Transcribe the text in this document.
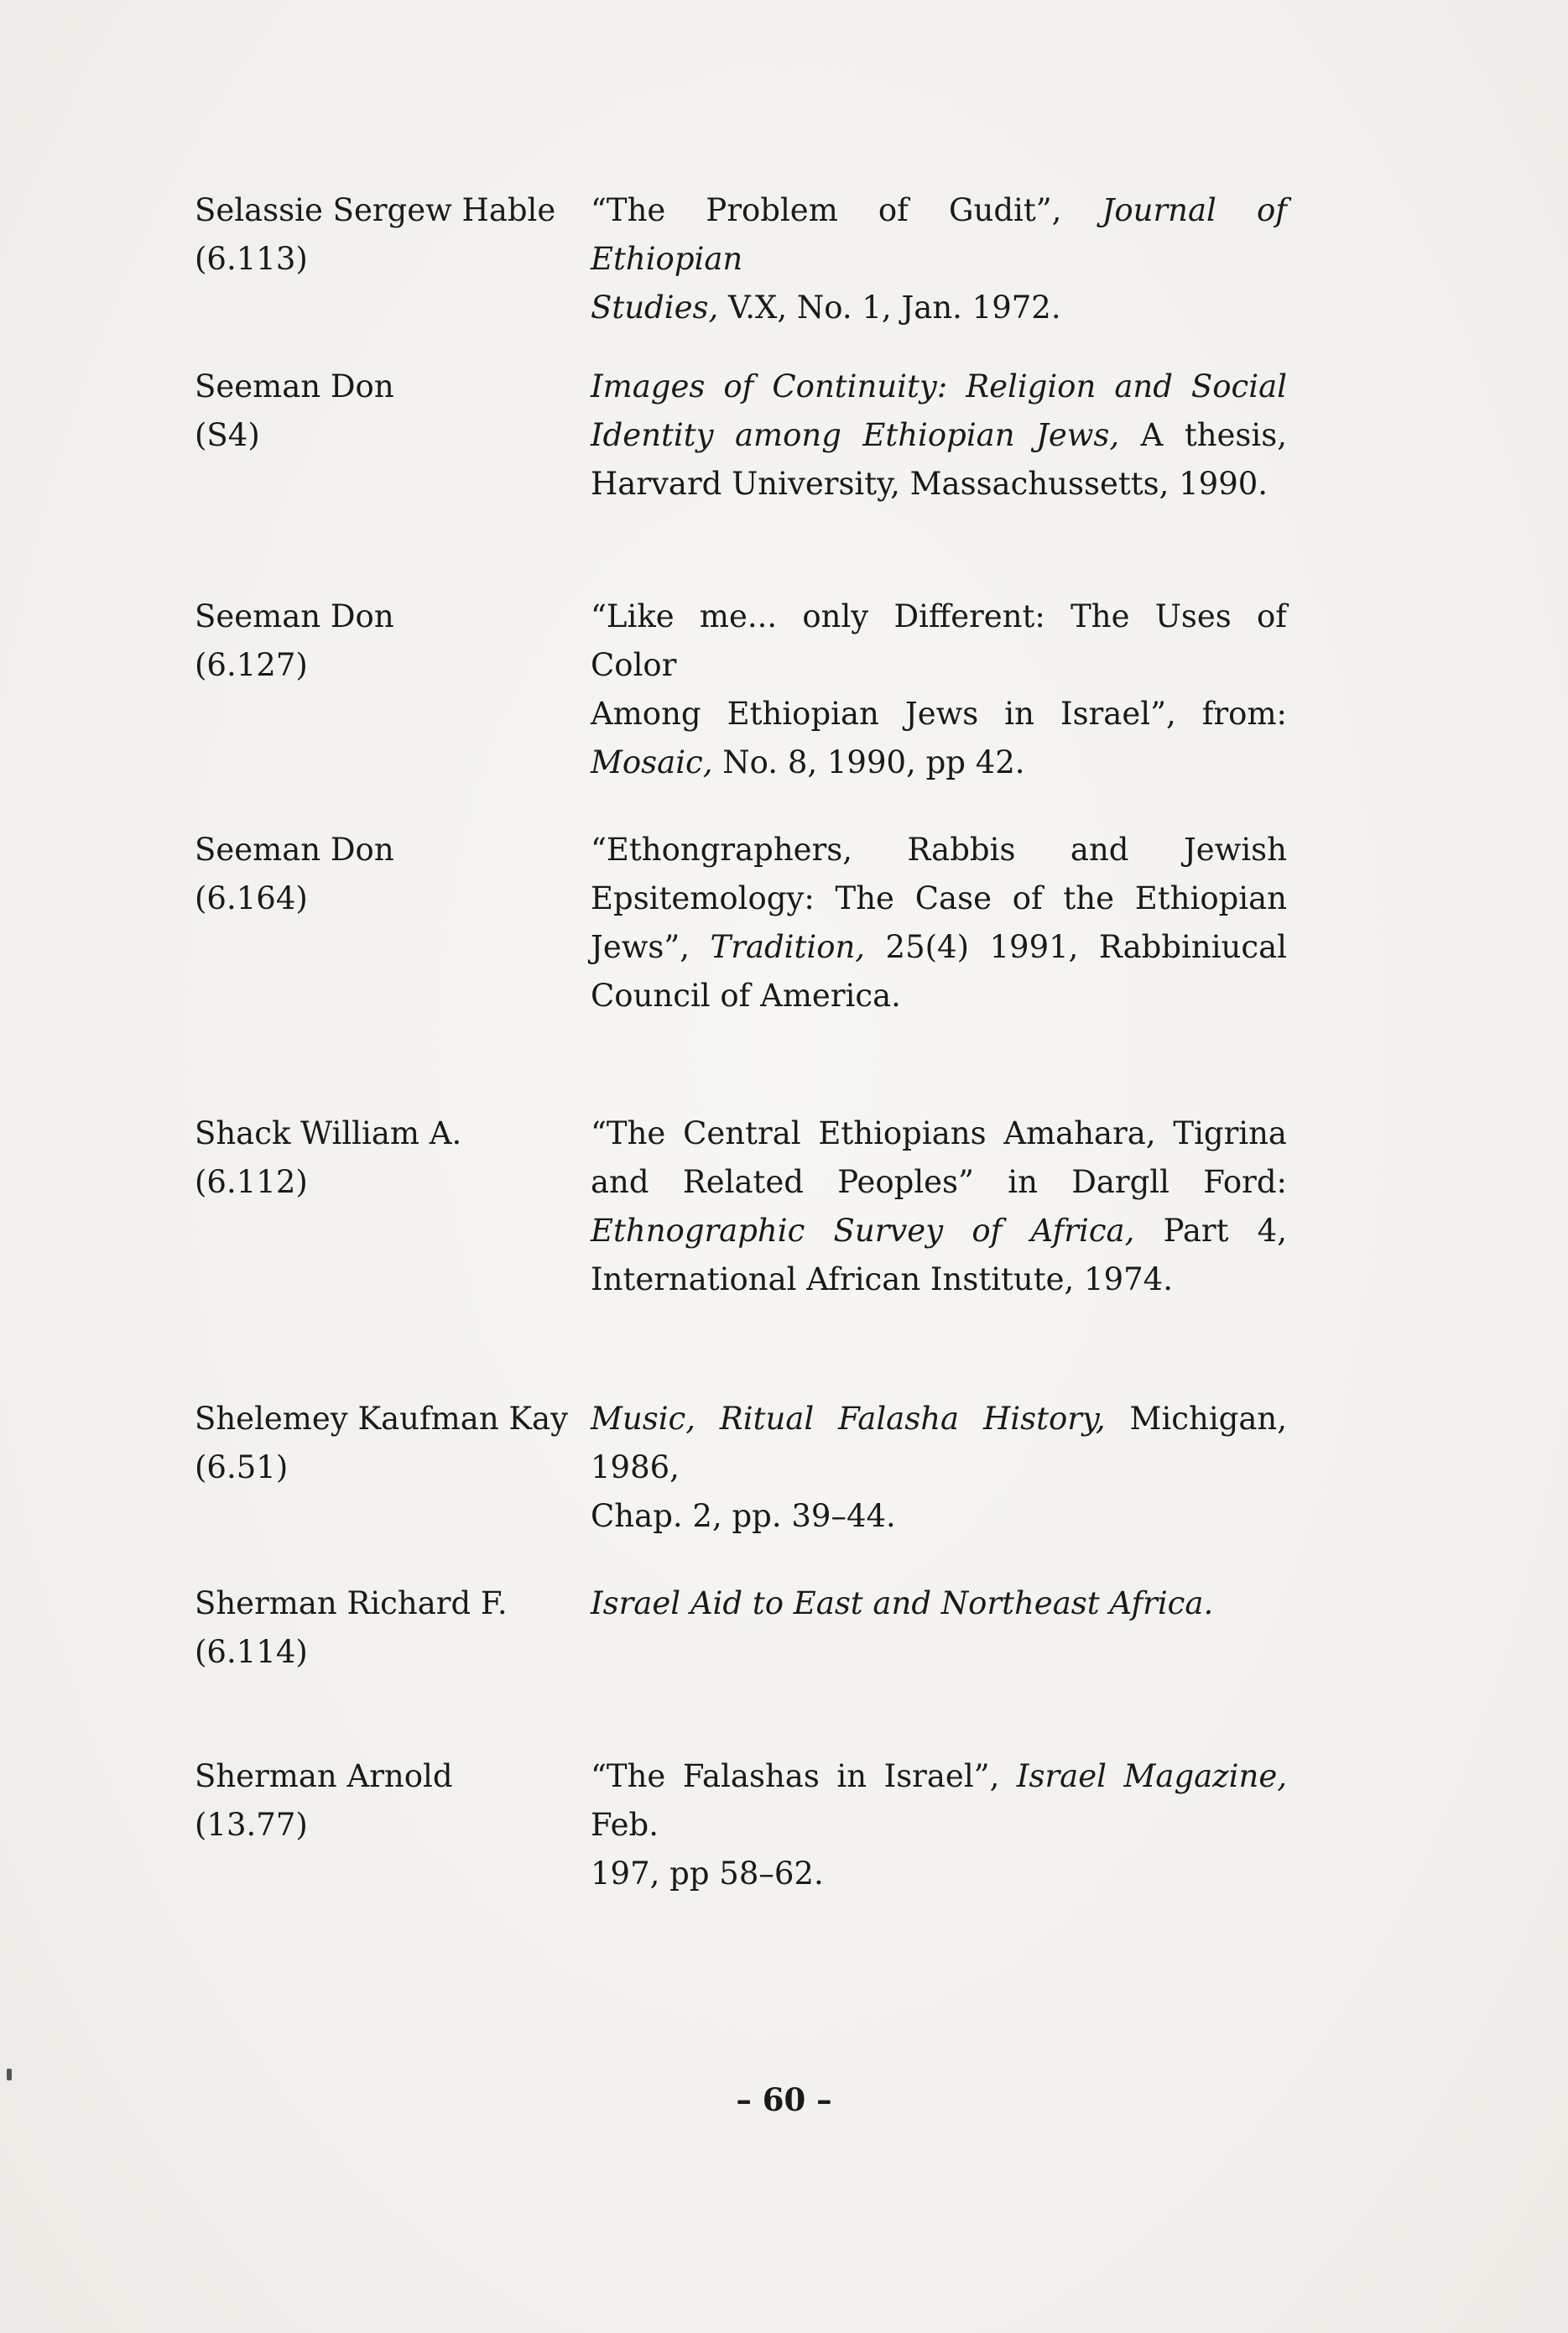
Selassie Sergew Hable
(6.113)
“The Problem of Gudit”, Journal of Ethiopian
Studies, V.X, No. 1, Jan. 1972.
Seeman Don
(S4)
Images of Continuity: Religion and Social
Identity among Ethiopian Jews, A thesis,
Harvard University, Massachussetts, 1990.
Seeman Don
(6.127)
“Like me... only Different: The Uses of Color
Among Ethiopian Jews in Israel”, from:
Mosaic, No. 8, 1990, pp 42.
Seeman Don
(6.164)
“Ethongraphers, Rabbis and Jewish
Epsitemology: The Case of the Ethiopian
Jews”, Tradition, 25(4) 1991, Rabbiniucal
Council of America.
Shack William A.
(6.112)
“The Central Ethiopians Amahara, Tigrina
and Related Peoples” in Dargll Ford:
Ethnographic Survey of Africa, Part 4,
International African Institute, 1974.
Shelemey Kaufman Kay
(6.51)
Music, Ritual Falasha History, Michigan, 1986,
Chap. 2, pp. 39–44.
Sherman Richard F.
(6.114)
Israel Aid to East and Northeast Africa.
Sherman Arnold
(13.77)
“The Falashas in Israel”, Israel Magazine, Feb.
197, pp 58–62.
– 60 –
